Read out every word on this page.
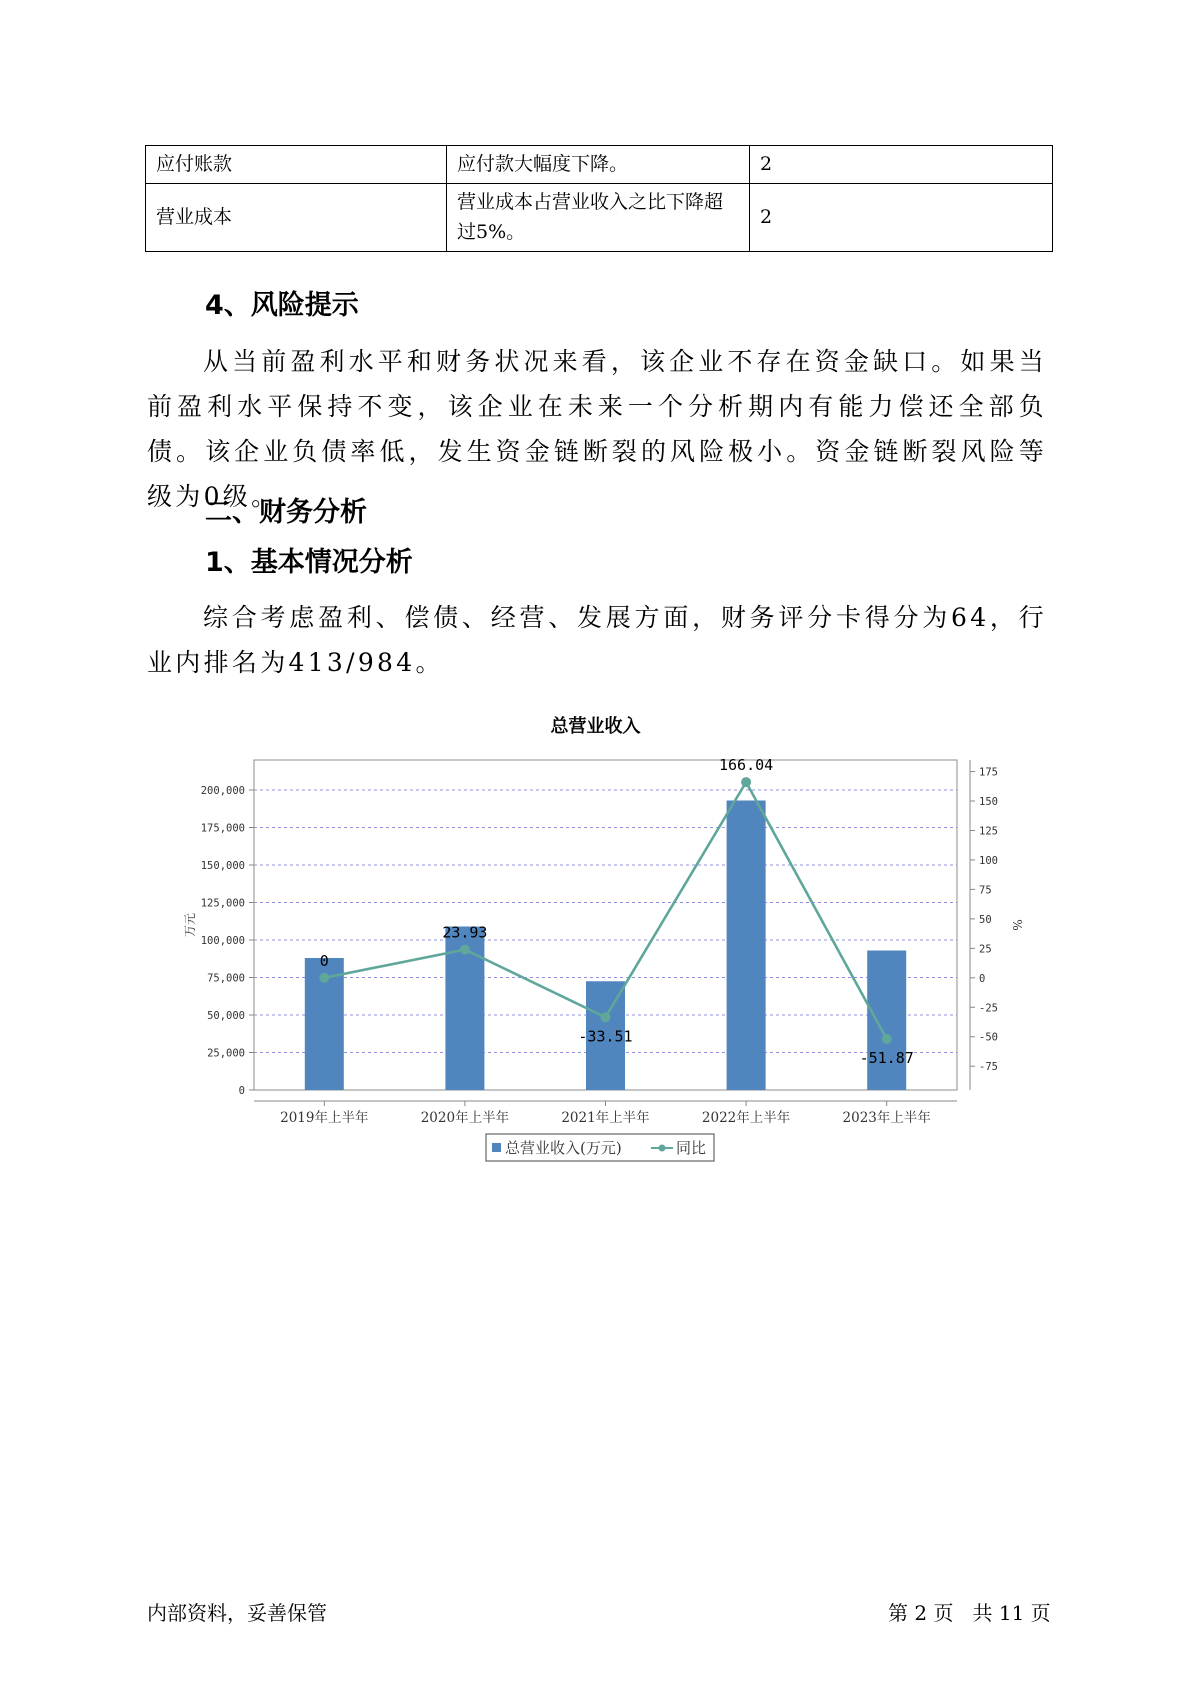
应付账款	应付款大幅度下降。	2
营业成本	营业成本占营业收入之比下降超过5%。	2
4、风险提示
从当前盈利水平和财务状况来看，该企业不存在资金缺口。如果当前盈利水平保持不变，该企业在未来一个分析期内有能力偿还全部负债。该企业负债率低，发生资金链断裂的风险极小。资金链断裂风险等级为0级。
二、财务分析
1、基本情况分析
综合考虑盈利、偿债、经营、发展方面，财务评分卡得分为64，行业内排名为413/984。
总营业收入
0
23.93
-33.51
166.04
-51.87
0
25,000
50,000
75,000
100,000
125,000
150,000
175,000
200,000
-75
-50
-25
0
25
50
75
100
125
150
175
2019年上半年	2020年上半年	2021年上半年	2022年上半年	2023年上半年
万元	%
总营业收入(万元)	同比
内部资料，妥善保管	第 2 页   共 11 页
